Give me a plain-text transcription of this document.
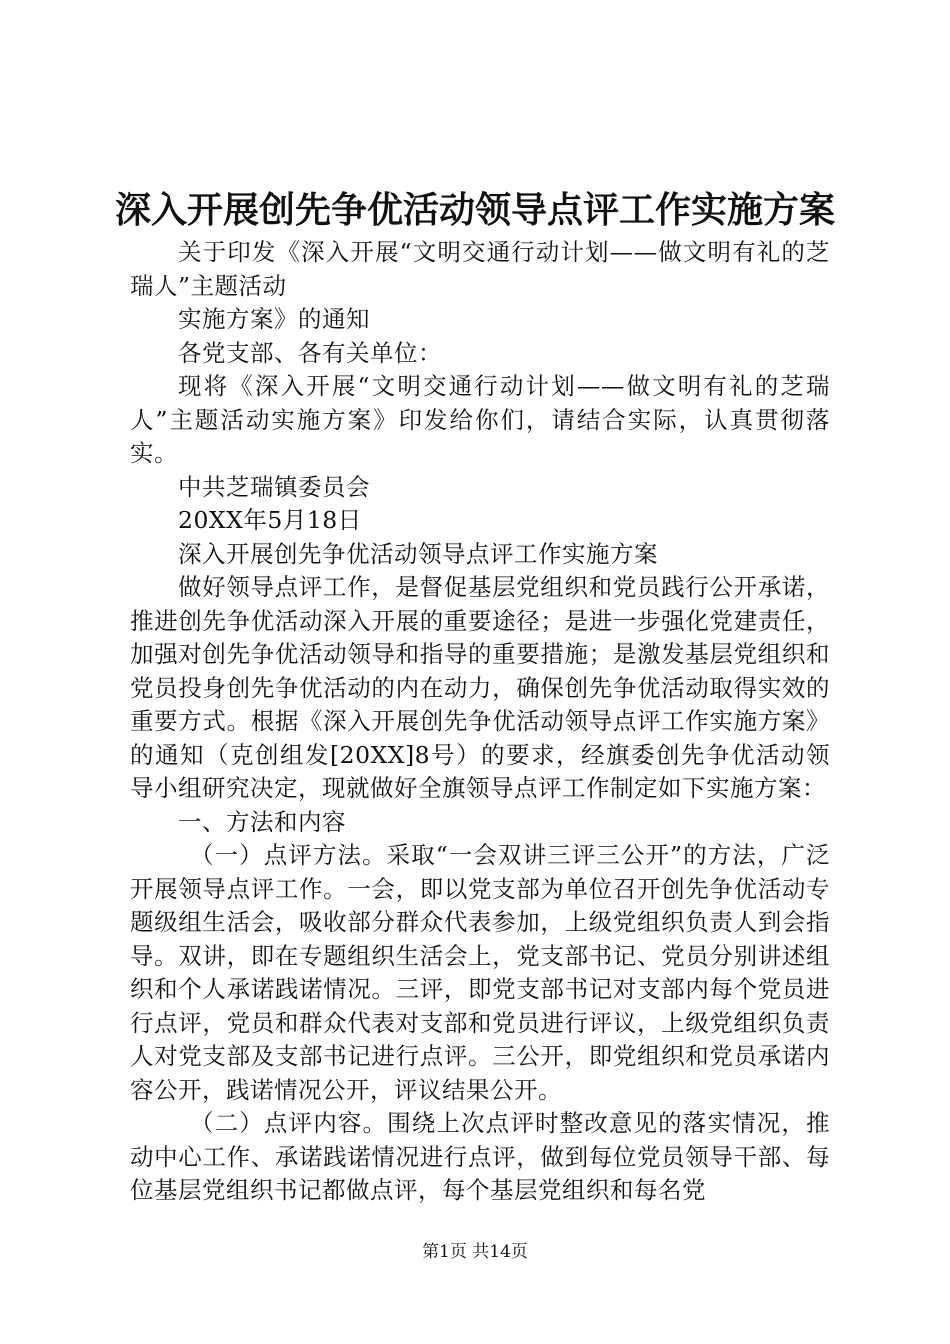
深入开展创先争优活动领导点评工作实施方案

关于印发《深入开展“文明交通行动计划——做文明有礼的芝瑞人”主题活动

实施方案》的通知

各党支部、各有关单位：

现将《深入开展“文明交通行动计划——做文明有礼的芝瑞人”主题活动实施方案》印发给你们，请结合实际，认真贯彻落实。

中共芝瑞镇委员会

20XX年5月18日

深入开展创先争优活动领导点评工作实施方案

做好领导点评工作，是督促基层党组织和党员践行公开承诺，推进创先争优活动深入开展的重要途径；是进一步强化党建责任，加强对创先争优活动领导和指导的重要措施；是激发基层党组织和党员投身创先争优活动的内在动力，确保创先争优活动取得实效的重要方式。根据《深入开展创先争优活动领导点评工作实施方案》的通知（克创组发[20XX]8号）的要求，经旗委创先争优活动领导小组研究决定，现就做好全旗领导点评工作制定如下实施方案：

一、方法和内容

（一）点评方法。采取“一会双讲三评三公开”的方法，广泛开展领导点评工作。一会，即以党支部为单位召开创先争优活动专题级组生活会，吸收部分群众代表参加，上级党组织负责人到会指导。双讲，即在专题组织生活会上，党支部书记、党员分别讲述组织和个人承诺践诺情况。三评，即党支部书记对支部内每个党员进行点评，党员和群众代表对支部和党员进行评议，上级党组织负责人对党支部及支部书记进行点评。三公开，即党组织和党员承诺内容公开，践诺情况公开，评议结果公开。

（二）点评内容。围绕上次点评时整改意见的落实情况，推动中心工作、承诺践诺情况进行点评，做到每位党员领导干部、每位基层党组织书记都做点评，每个基层党组织和每名党

第1页 共14页
